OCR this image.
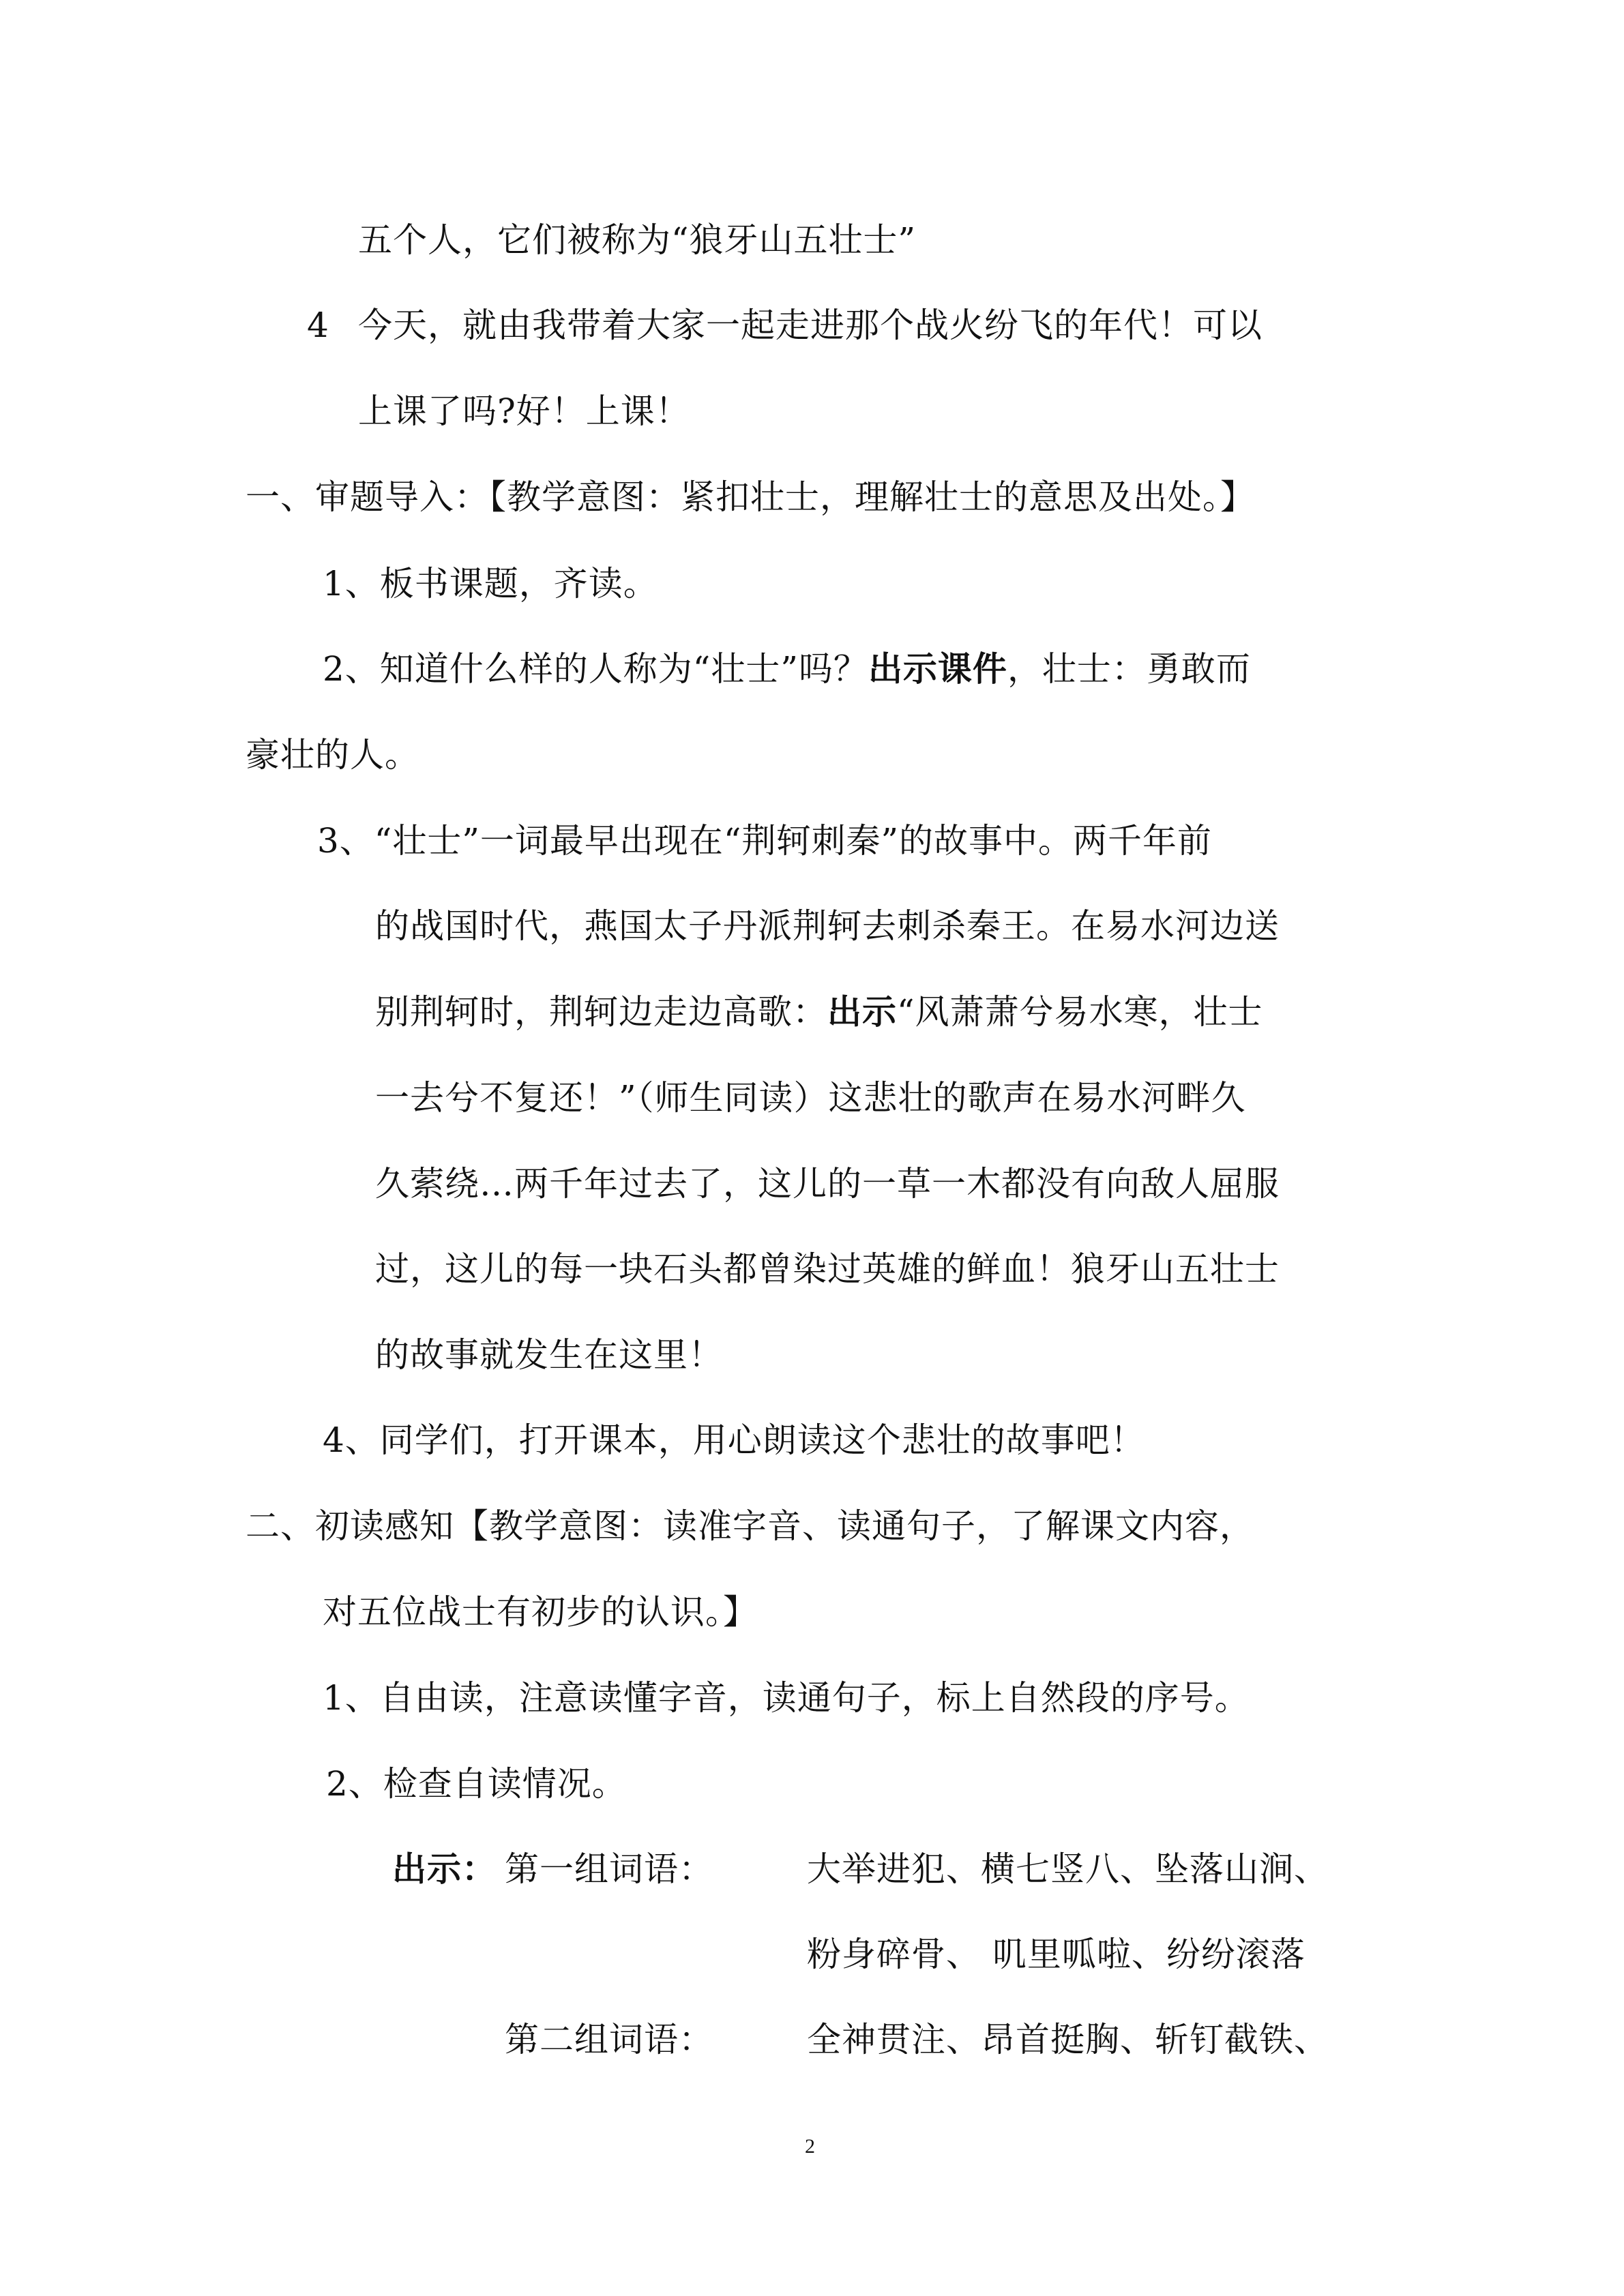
五个人，它们被称为“狼牙山五壮士”
4 今天，就由我带着大家一起走进那个战火纷飞的年代！可以
上课了吗?好！上课！
一、审题导入：【教学意图：紧扣壮士，理解壮士的意思及出处。】
1、板书课题，齐读。
2、知道什么样的人称为“壮士”吗？出示课件，壮士：勇敢而
豪壮的人。
3、“壮士”一词最早出现在“荆轲刺秦”的故事中。两千年前
的战国时代，燕国太子丹派荆轲去刺杀秦王。在易水河边送
别荆轲时，荆轲边走边高歌：出示“风萧萧兮易水寒，壮士
一去兮不复还！”（师生同读）这悲壮的歌声在易水河畔久
久萦绕…两千年过去了，这儿的一草一木都没有向敌人屈服
过，这儿的每一块石头都曾染过英雄的鲜血！狼牙山五壮士
的故事就发生在这里！
4、同学们，打开课本，用心朗读这个悲壮的故事吧！
二、初读感知【教学意图：读准字音、读通句子，了解课文内容，
对五位战士有初步的认识。】
1、自由读，注意读懂字音，读通句子，标上自然段的序号。
2、检查自读情况。
出示： 第一组词语：	大举进犯、横七竖八、坠落山涧、
粉身碎骨、 叽里呱啦、纷纷滚落
第二组词语：	全神贯注、昂首挺胸、斩钉截铁、
2
